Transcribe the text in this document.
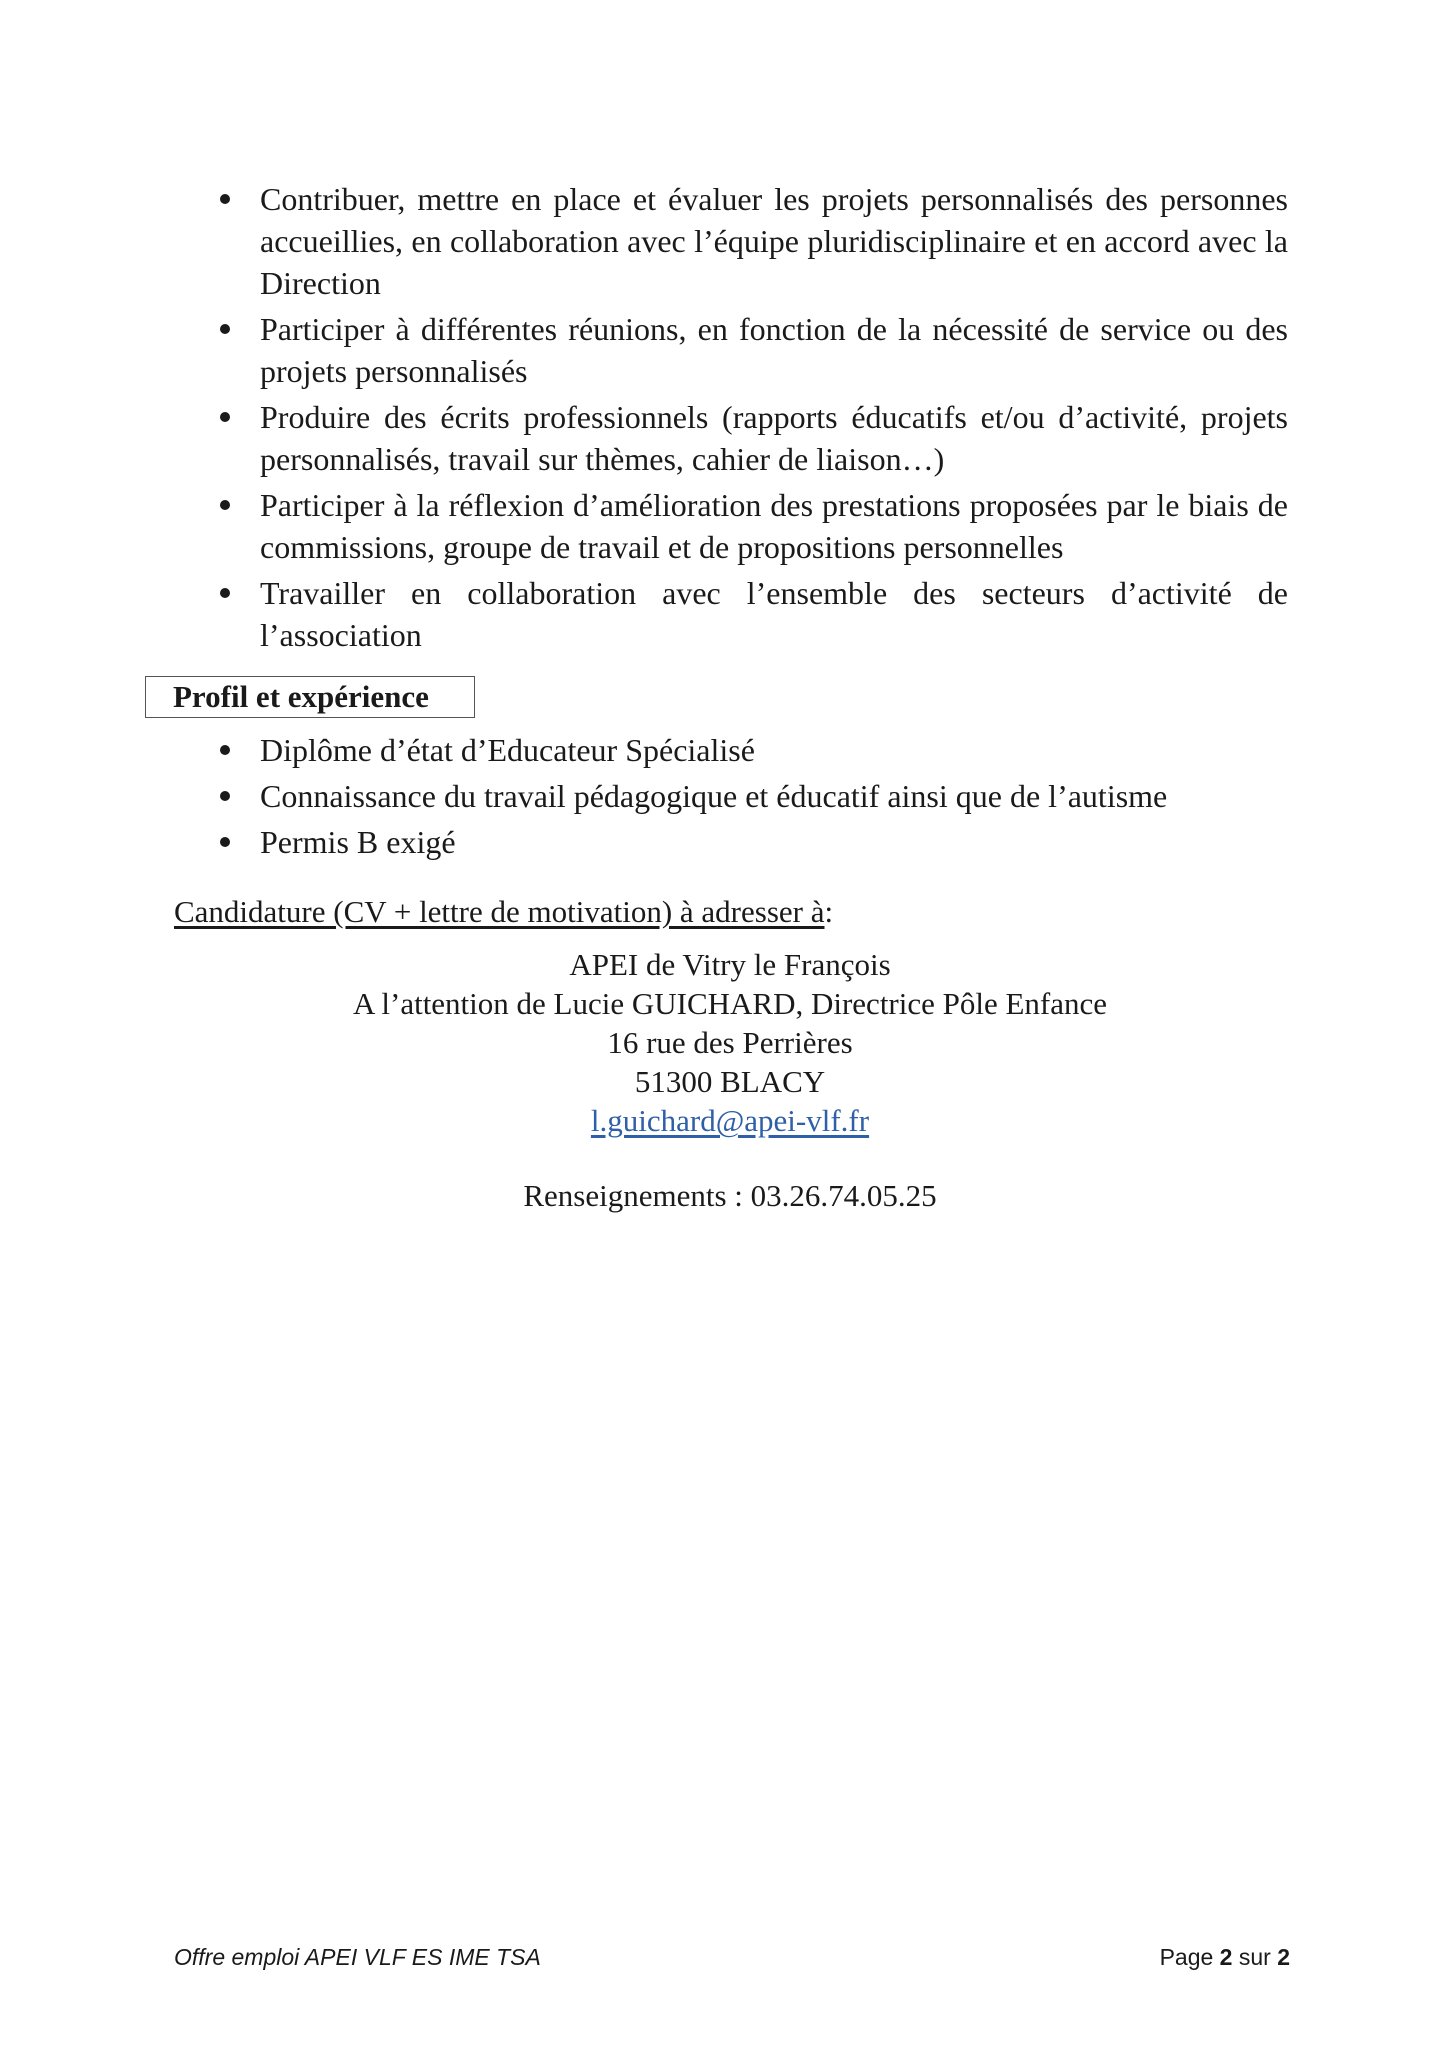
Contribuer, mettre en place et évaluer les projets personnalisés des personnes accueillies, en collaboration avec l’équipe pluridisciplinaire et en accord avec la Direction
Participer à différentes réunions, en fonction de la nécessité de service ou des projets personnalisés
Produire des écrits professionnels (rapports éducatifs et/ou d’activité, projets personnalisés, travail sur thèmes, cahier de liaison…)
Participer à la réflexion d’amélioration des prestations proposées par le biais de commissions, groupe de travail et de propositions personnelles
Travailler en collaboration avec l’ensemble des secteurs d’activité de l’association
Profil et expérience
Diplôme d’état d’Educateur Spécialisé
Connaissance du travail pédagogique et éducatif ainsi que de l’autisme
Permis B exigé
Candidature (CV + lettre de motivation) à adresser à:
APEI de Vitry le François
A l’attention de Lucie GUICHARD, Directrice Pôle Enfance
16 rue des Perrières
51300 BLACY
l.guichard@apei-vlf.fr
Renseignements : 03.26.74.05.25
Offre emploi APEI VLF ES IME TSA	Page 2 sur 2
